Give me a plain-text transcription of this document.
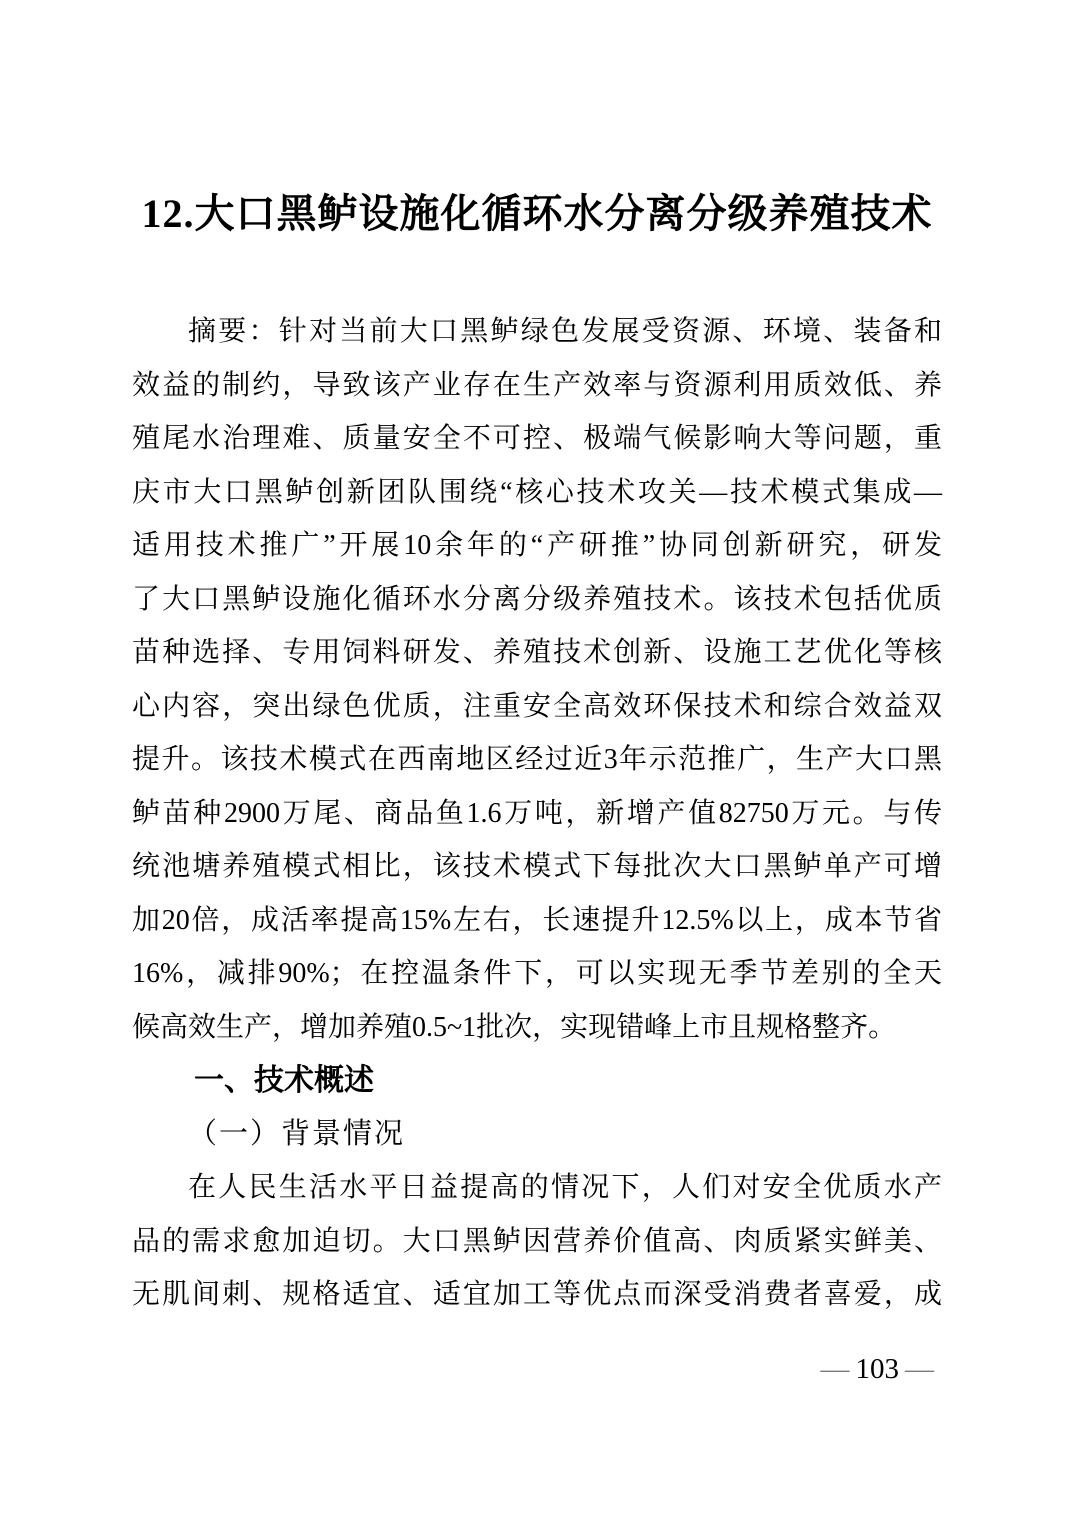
12.大口黑鲈设施化循环水分离分级养殖技术
摘要：针对当前大口黑鲈绿色发展受资源、环境、装备和
效益的制约，导致该产业存在生产效率与资源利用质效低、养
殖尾水治理难、质量安全不可控、极端气候影响大等问题，重
庆市大口黑鲈创新团队围绕“核心技术攻关—技术模式集成—
适用技术推广”开展10余年的“产研推”协同创新研究，研发
了大口黑鲈设施化循环水分离分级养殖技术。该技术包括优质
苗种选择、专用饲料研发、养殖技术创新、设施工艺优化等核
心内容，突出绿色优质，注重安全高效环保技术和综合效益双
提升。该技术模式在西南地区经过近3年示范推广，生产大口黑
鲈苗种2900万尾、商品鱼1.6万吨，新增产值82750万元。与传
统池塘养殖模式相比，该技术模式下每批次大口黑鲈单产可增
加20倍，成活率提高15%左右，长速提升12.5%以上，成本节省
16%，减排90%；在控温条件下，可以实现无季节差别的全天
候高效生产，增加养殖0.5~1批次，实现错峰上市且规格整齐。
一、技术概述
（一）背景情况
在人民生活水平日益提高的情况下，人们对安全优质水产
品的需求愈加迫切。大口黑鲈因营养价值高、肉质紧实鲜美、
无肌间刺、规格适宜、适宜加工等优点而深受消费者喜爱，成
— 103 —
